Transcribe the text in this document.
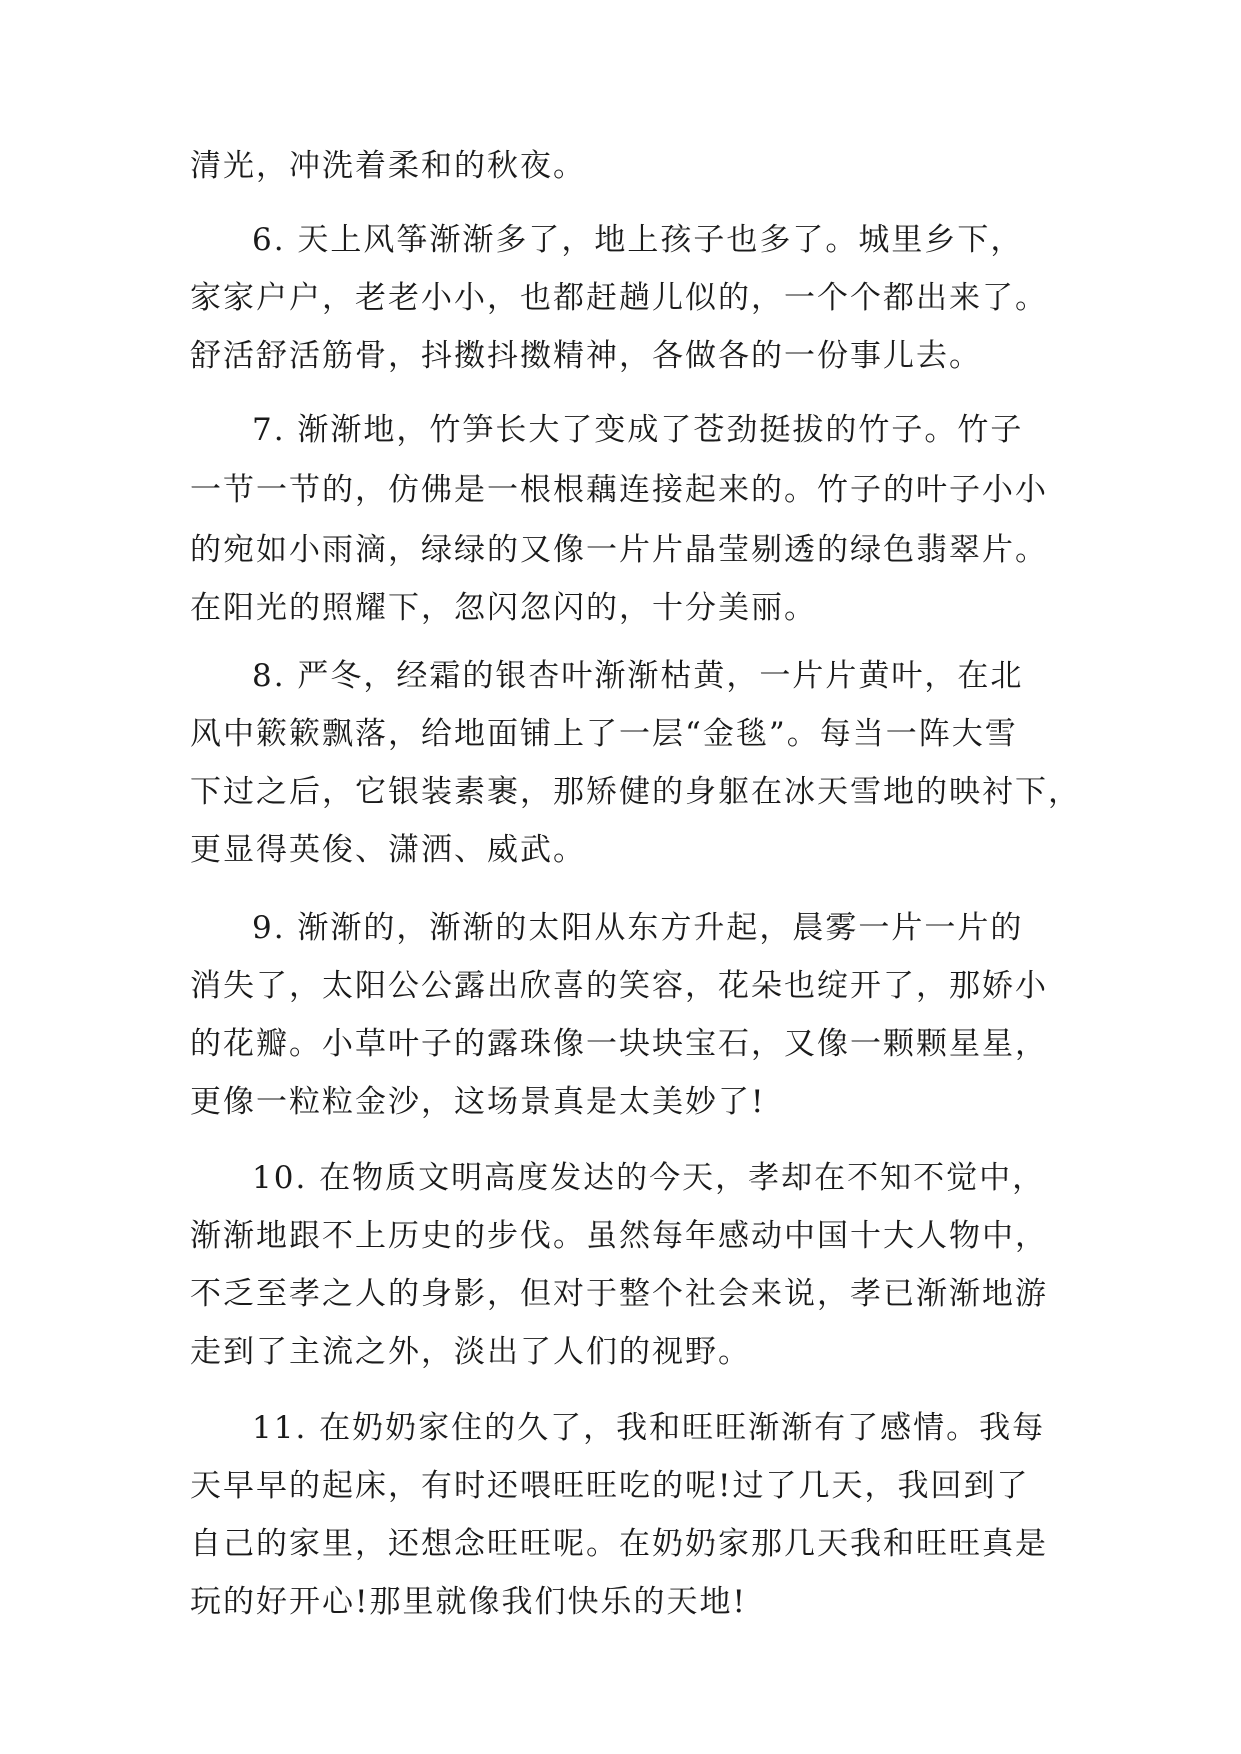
清光，冲洗着柔和的秋夜。
6. 天上风筝渐渐多了，地上孩子也多了。城里乡下，
家家户户，老老小小，也都赶趟儿似的，一个个都出来了。
舒活舒活筋骨，抖擞抖擞精神，各做各的一份事儿去。
7. 渐渐地，竹笋长大了变成了苍劲挺拔的竹子。竹子
一节一节的，仿佛是一根根藕连接起来的。竹子的叶子小小
的宛如小雨滴，绿绿的又像一片片晶莹剔透的绿色翡翠片。
在阳光的照耀下，忽闪忽闪的，十分美丽。
8. 严冬，经霜的银杏叶渐渐枯黄，一片片黄叶，在北
风中簌簌飘落，给地面铺上了一层“金毯”。每当一阵大雪
下过之后，它银装素裹，那矫健的身躯在冰天雪地的映衬下，
更显得英俊、潇洒、威武。
9. 渐渐的，渐渐的太阳从东方升起，晨雾一片一片的
消失了，太阳公公露出欣喜的笑容，花朵也绽开了，那娇小
的花瓣。小草叶子的露珠像一块块宝石，又像一颗颗星星，
更像一粒粒金沙，这场景真是太美妙了!
10. 在物质文明高度发达的今天，孝却在不知不觉中，
渐渐地跟不上历史的步伐。虽然每年感动中国十大人物中，
不乏至孝之人的身影，但对于整个社会来说，孝已渐渐地游
走到了主流之外，淡出了人们的视野。
11. 在奶奶家住的久了，我和旺旺渐渐有了感情。我每
天早早的起床，有时还喂旺旺吃的呢!过了几天，我回到了
自己的家里，还想念旺旺呢。在奶奶家那几天我和旺旺真是
玩的好开心!那里就像我们快乐的天地!
